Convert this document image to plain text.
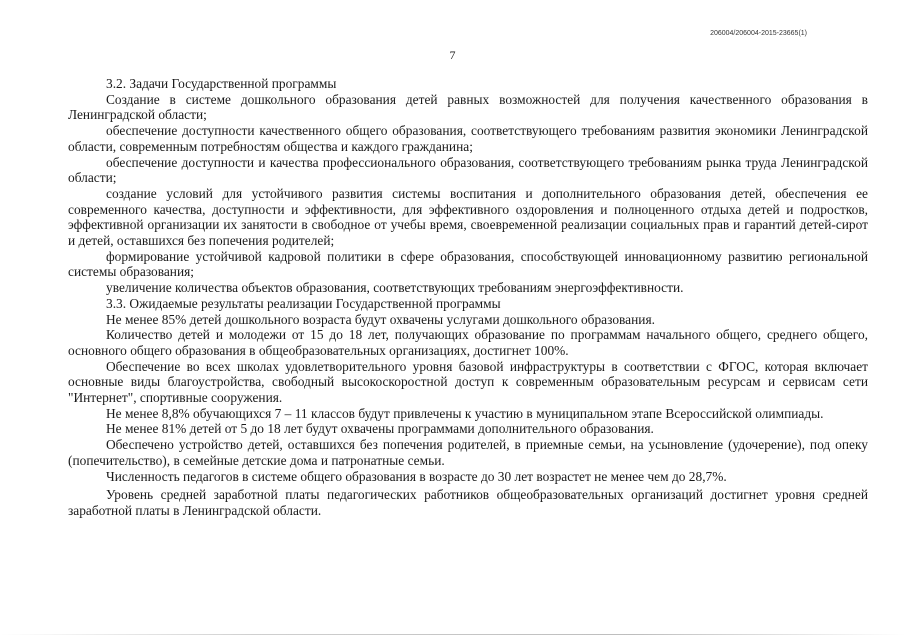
206004/206004-2015-23665(1)
7

3.2. Задачи Государственной программы

Создание в системе дошкольного образования детей равных возможностей для получения качественного образования в Ленинградской области;

обеспечение доступности качественного общего образования, соответствующего требованиям развития экономики Ленинградской области, современным потребностям общества и каждого гражданина;

обеспечение доступности и качества профессионального образования, соответствующего требованиям рынка труда Ленинградской области;

создание условий для устойчивого развития системы воспитания и дополнительного образования детей, обеспечения ее современного качества, доступности и эффективности, для эффективного оздоровления и полноценного отдыха детей и подростков, эффективной организации их занятости в свободное от учебы время, своевременной реализации социальных прав и гарантий детей-сирот и детей, оставшихся без попечения родителей;

формирование устойчивой кадровой политики в сфере образования, способствующей инновационному развитию региональной системы образования;

увеличение количества объектов образования, соответствующих требованиям энергоэффективности.

3.3. Ожидаемые результаты реализации Государственной программы

Не менее 85% детей дошкольного возраста будут охвачены услугами дошкольного образования.

Количество детей и молодежи от 15 до 18 лет, получающих образование по программам начального общего, среднего общего, основного общего образования в общеобразовательных организациях, достигнет 100%.

Обеспечение во всех школах удовлетворительного уровня базовой инфраструктуры в соответствии с ФГОС, которая включает основные виды благоустройства, свободный высокоскоростной доступ к современным образовательным ресурсам и сервисам сети "Интернет", спортивные сооружения.

Не менее 8,8% обучающихся 7 – 11 классов будут привлечены к участию в муниципальном этапе Всероссийской олимпиады.

Не менее 81% детей от 5 до 18 лет будут охвачены программами дополнительного образования.

Обеспечено устройство детей, оставшихся без попечения родителей, в приемные семьи, на усыновление (удочерение), под опеку (попечительство), в семейные детские дома и патронатные семьи.

Численность педагогов в системе общего образования в возрасте до 30 лет возрастет не менее чем до 28,7%.

Уровень средней заработной платы педагогических работников общеобразовательных организаций достигнет уровня средней заработной платы в Ленинградской области.
